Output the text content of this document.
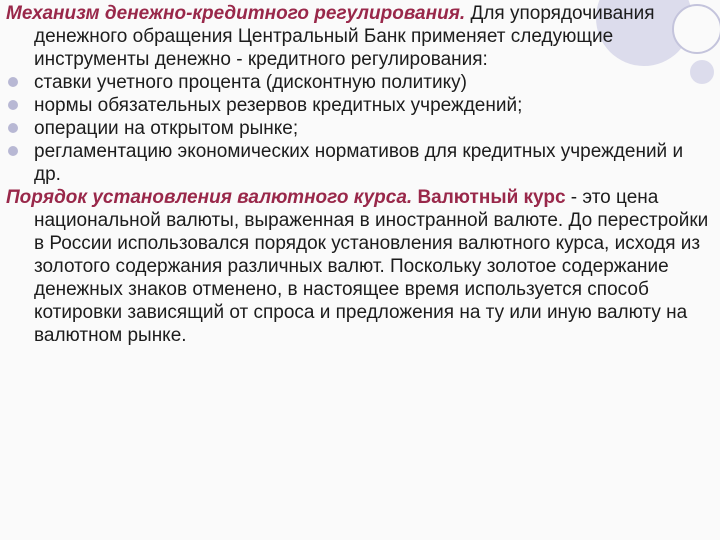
Механизм денежно-кредитного регулирования. Для упорядочивания денежного обращения Центральный Банк применяет следующие инструменты денежно - кредитного регулирования:

ставки учетного процента (дисконтную политику)
нормы обязательных резервов кредитных учреждений;
операции на открытом рынке;
регламентацию экономических нормативов для кредитных учреждений и др.

Порядок установления валютного курса. Валютный курс - это цена национальной валюты, выраженная в иностранной валюте. До перестройки в России использовался порядок установления валютного курса, исходя из золотого содержания различных валют. Поскольку золотое содержание денежных знаков отменено, в настоящее время используется способ котировки зависящий от спроса и предложения на ту или иную валюту на валютном рынке.
